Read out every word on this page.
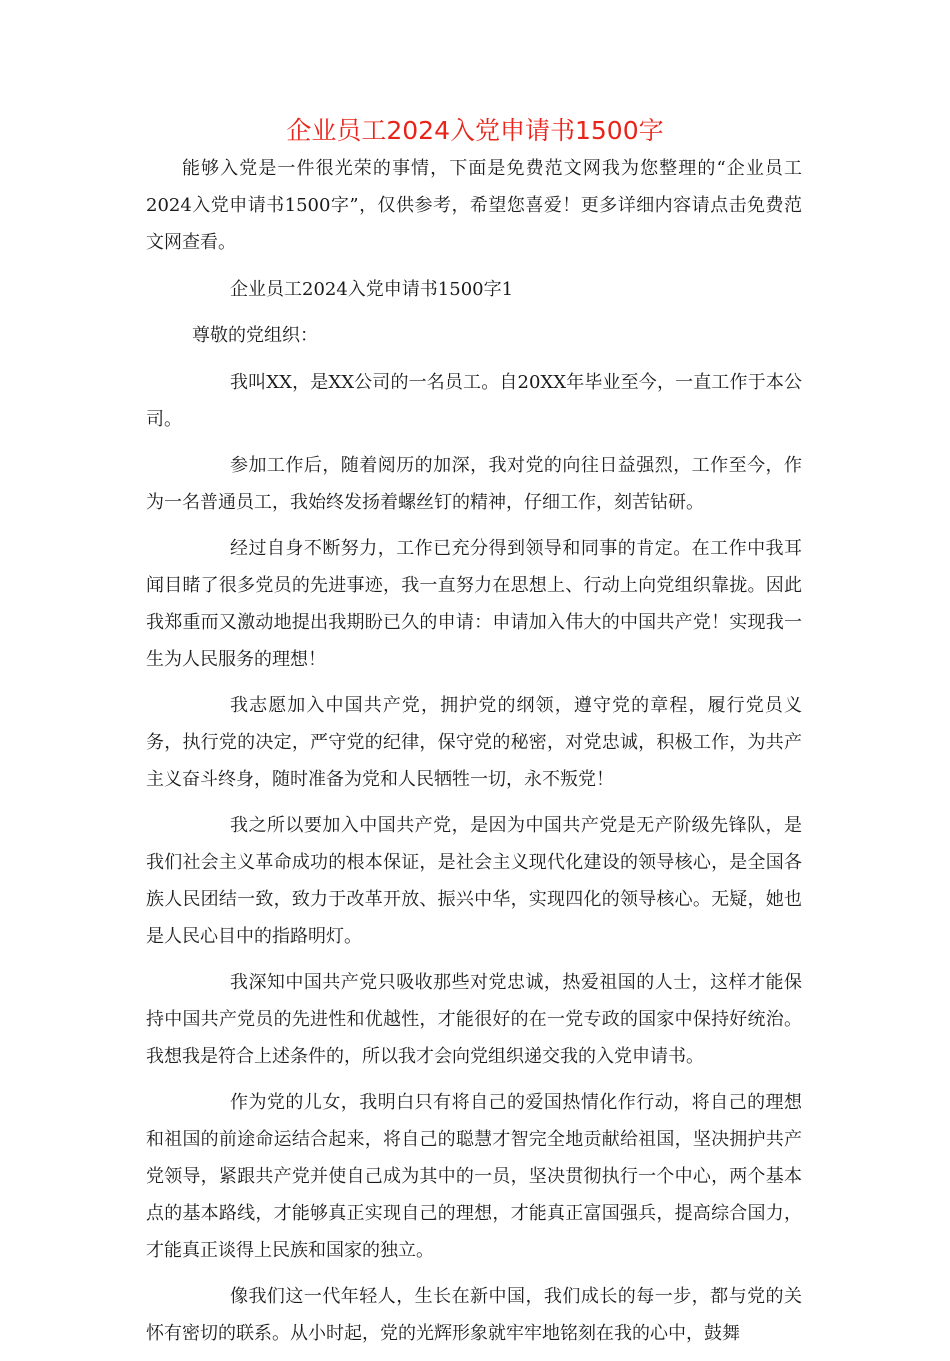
企业员工2024入党申请书1500字

能够入党是一件很光荣的事情，下面是免费范文网我为您整理的“企业员工2024入党申请书1500字”，仅供参考，希望您喜爱！更多详细内容请点击免费范文网查看。

企业员工2024入党申请书1500字1

尊敬的党组织：

我叫XX，是XX公司的一名员工。自20XX年毕业至今，一直工作于本公司。

参加工作后，随着阅历的加深，我对党的向往日益强烈，工作至今，作为一名普通员工，我始终发扬着螺丝钉的精神，仔细工作，刻苦钻研。

经过自身不断努力，工作已充分得到领导和同事的肯定。在工作中我耳闻目睹了很多党员的先进事迹，我一直努力在思想上、行动上向党组织靠拢。因此我郑重而又激动地提出我期盼已久的申请：申请加入伟大的中国共产党！实现我一生为人民服务的理想！

我志愿加入中国共产党，拥护党的纲领，遵守党的章程，履行党员义务，执行党的决定，严守党的纪律，保守党的秘密，对党忠诚，积极工作，为共产主义奋斗终身，随时准备为党和人民牺牲一切，永不叛党！

我之所以要加入中国共产党，是因为中国共产党是无产阶级先锋队，是我们社会主义革命成功的根本保证，是社会主义现代化建设的领导核心，是全国各族人民团结一致，致力于改革开放、振兴中华，实现四化的领导核心。无疑，她也是人民心目中的指路明灯。

我深知中国共产党只吸收那些对党忠诚，热爱祖国的人士，这样才能保持中国共产党员的先进性和优越性，才能很好的在一党专政的国家中保持好统治。我想我是符合上述条件的，所以我才会向党组织递交我的入党申请书。

作为党的儿女，我明白只有将自己的爱国热情化作行动，将自己的理想和祖国的前途命运结合起来，将自己的聪慧才智完全地贡献给祖国，坚决拥护共产党领导，紧跟共产党并使自己成为其中的一员，坚决贯彻执行一个中心，两个基本点的基本路线，才能够真正实现自己的理想，才能真正富国强兵，提高综合国力，才能真正谈得上民族和国家的独立。

像我们这一代年轻人，生长在新中国，我们成长的每一步，都与党的关怀有密切的联系。从小时起，党的光辉形象就牢牢地铭刻在我的心中，鼓舞
